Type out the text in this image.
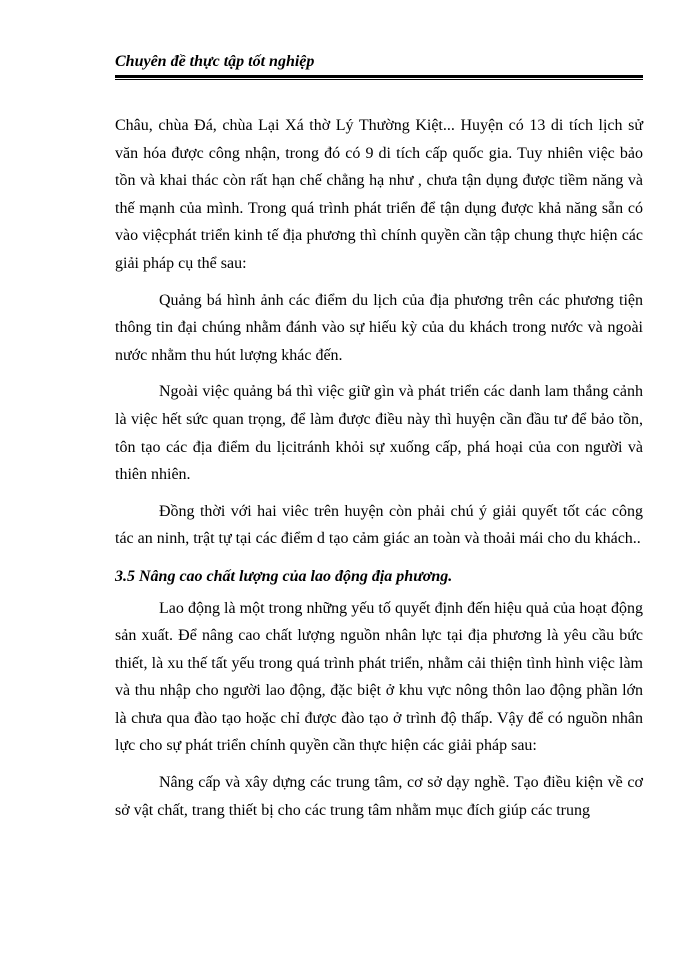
Chuyên đề thực tập tốt nghiệp

Châu, chùa Đá, chùa Lại Xá thờ Lý Thường Kiệt... Huyện có 13 di tích lịch sử văn hóa được công nhận, trong đó có 9 di tích cấp quốc gia. Tuy nhiên việc bảo tồn và khai thác còn rất hạn chế chẳng hạ như , chưa tận dụng được tiềm năng và thế mạnh của mình. Trong quá trình phát triển để tận dụng được khả năng sẵn có vào việcphát triển kinh tế địa phương thì chính quyền cần tập chung thực hiện các giải pháp cụ thể sau:

Quảng bá hình ảnh các điểm du lịch của địa phương trên các phương tiện thông tin đại chúng nhằm đánh vào sự hiếu kỳ của du khách trong nước và ngoài nước nhằm thu hút lượng khác đến.

Ngoài việc quảng bá thì việc giữ gìn và phát triển các danh lam thắng cảnh là việc hết sức quan trọng, để làm được điều này thì huyện cần đầu tư để bảo tồn, tôn tạo các địa điểm du lịcitránh khỏi sự xuống cấp, phá hoại của con người và thiên nhiên.

Đồng thời với hai viêc trên huyện còn phải chú ý giải quyết tốt các công tác an ninh, trật tự tại các điểm d tạo cảm giác an toàn và thoải mái cho du khách..

3.5 Nâng cao chất lượng của lao động địa phương.

Lao động là một trong những yếu tố quyết định đến hiệu quả của hoạt động sản xuất. Để nâng cao chất lượng nguồn nhân lực tại địa phương là yêu cầu bức thiết, là xu thế tất yếu trong quá trình phát triển, nhằm cải thiện tình hình việc làm và thu nhập cho người lao động, đặc biệt ở khu vực nông thôn lao động phần lớn là chưa qua đào tạo hoặc chỉ được đào tạo ở trình độ thấp. Vậy để có nguồn nhân lực cho sự phát triển chính quyền cần thực hiện các giải pháp sau:

Nâng cấp và xây dựng các trung tâm, cơ sở dạy nghề. Tạo điều kiện về cơ sở vật chất, trang thiết bị cho các trung tâm nhằm mục đích giúp các trung
